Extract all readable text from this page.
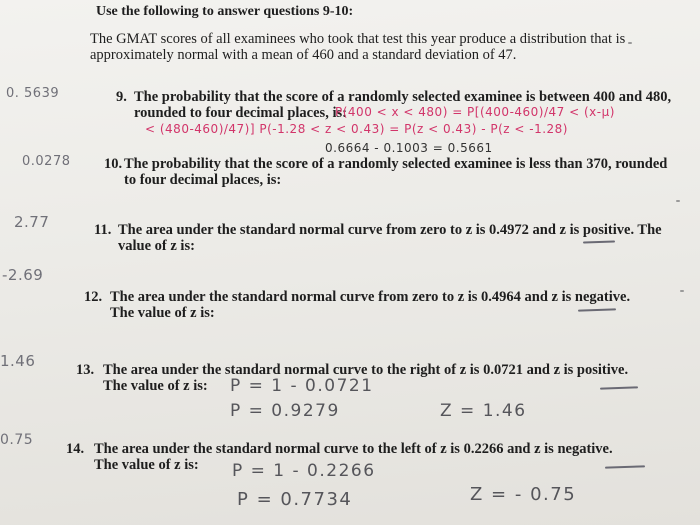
Use the following to answer questions 9-10:
The GMAT scores of all examinees who took that test this year produce a distribution that is
approximately normal with a mean of 460 and a standard deviation of 47.
0. 5639	9. The probability that the score of a randomly selected examinee is between 400 and 480,
rounded to four decimal places, is:
P(400 < x < 480) = P[(400-460)/47 < (x-μ)
< (480-460)/47)] P(-1.28 < z < 0.43) = P(z < 0.43) - P(z < -1.28)
0.6664 - 0.1003 = 0.5661
0.0278 10. The probability that the score of a randomly selected examinee is less than 370, rounded
to four decimal places, is:
2.77	11. The area under the standard normal curve from zero to z is 0.4972 and z is positive. The
value of z is:
-2.69
12. The area under the standard normal curve from zero to z is 0.4964 and z is negative.
The value of z is:
1.46	13. The area under the standard normal curve to the right of z is 0.0721 and z is positive.
The value of z is: P = 1 - 0.0721
P = 0.9279	Z = 1.46
0.75
14. The area under the standard normal curve to the left of z is 0.2266 and z is negative.
The value of z is: P = 1 - 0.2266
P = 0.7734	Z = - 0.75
